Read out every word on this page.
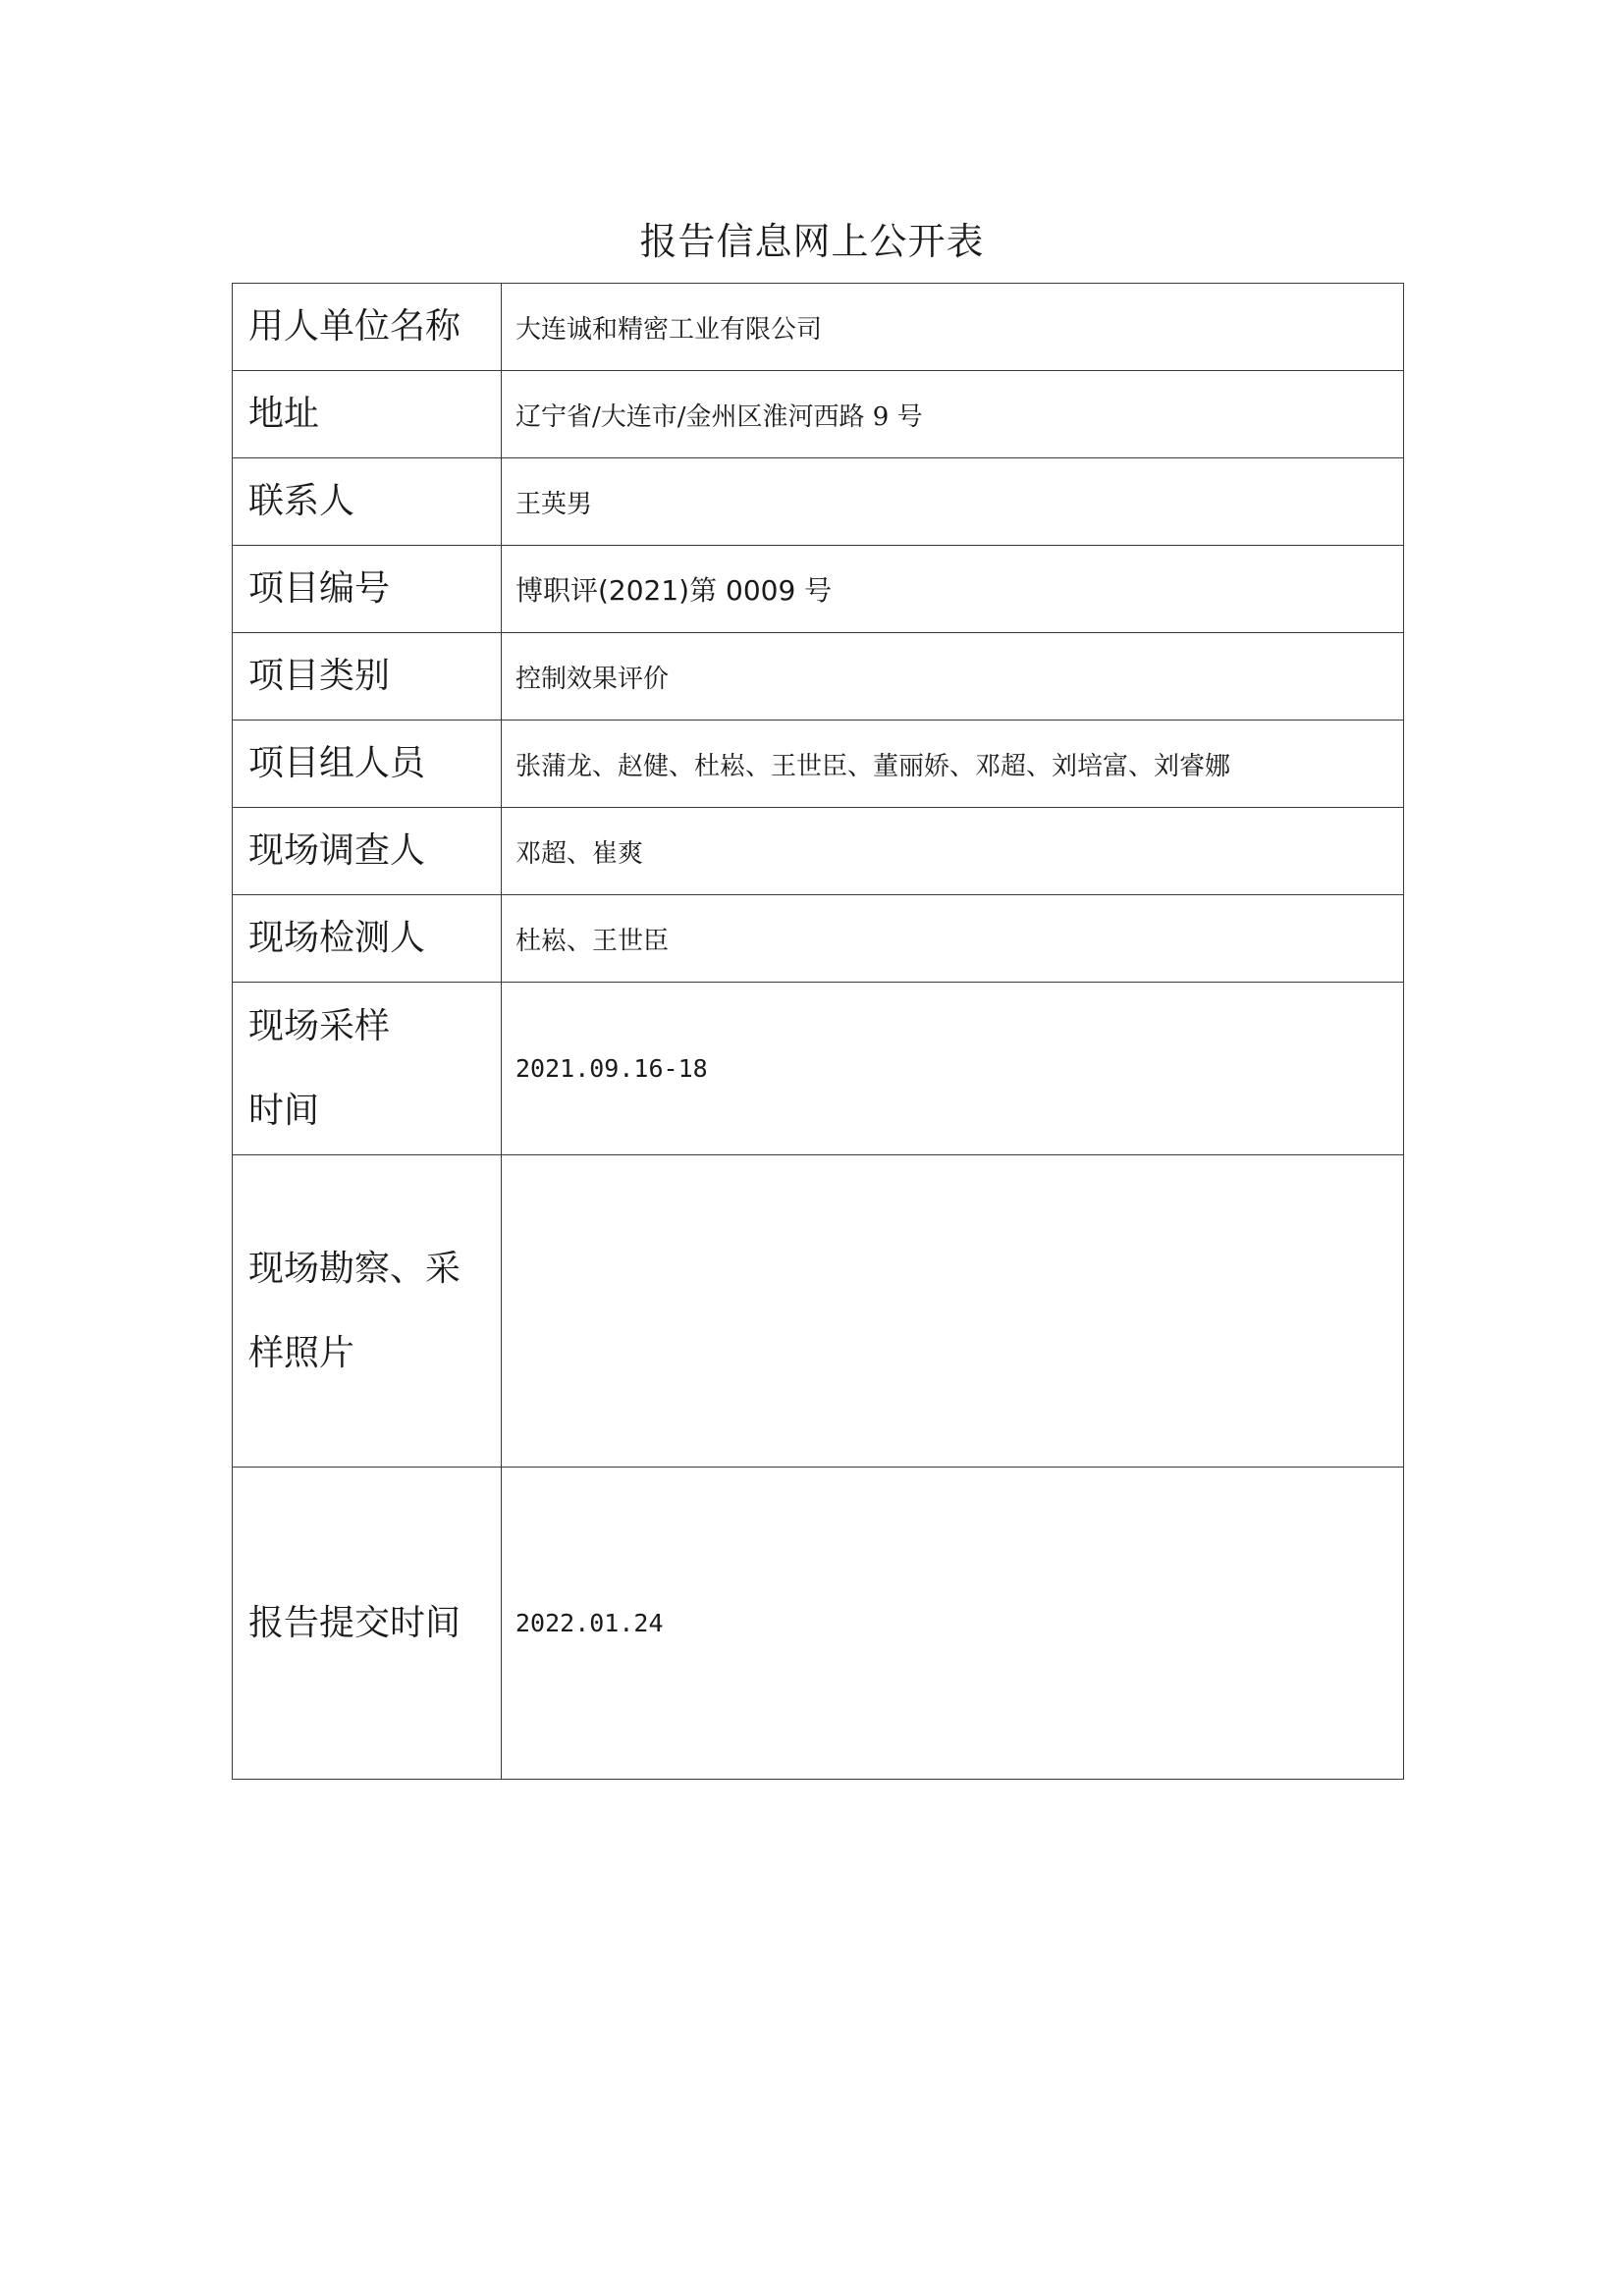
报告信息网上公开表
用人单位名称	大连诚和精密工业有限公司
地址	辽宁省/大连市/金州区淮河西路 9 号
联系人	王英男
项目编号	博职评(2021)第 0009 号
项目类别	控制效果评价
项目组人员	张蒲龙、赵健、杜崧、王世臣、董丽娇、邓超、刘培富、刘睿娜
现场调查人	邓超、崔爽
现场检测人	杜崧、王世臣

现场采样时间	2021.09.16-18

现场勘察、采样照片	

报告提交时间	2022.01.24
